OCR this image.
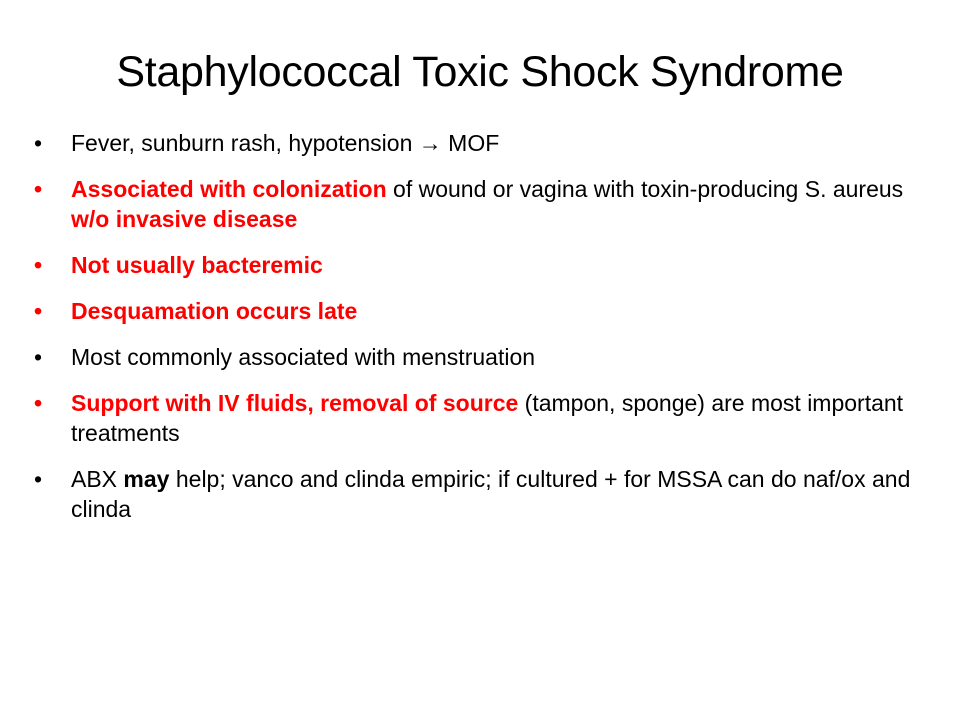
Staphylococcal Toxic Shock Syndrome
• Fever, sunburn rash, hypotension → MOF
• Associated with colonization of wound or vagina with toxin-producing S. aureus w/o invasive disease
• Not usually bacteremic
• Desquamation occurs late
• Most commonly associated with menstruation
• Support with IV fluids, removal of source (tampon, sponge) are most important treatments
• ABX may help; vanco and clinda empiric; if cultured + for MSSA can do naf/ox and clinda
